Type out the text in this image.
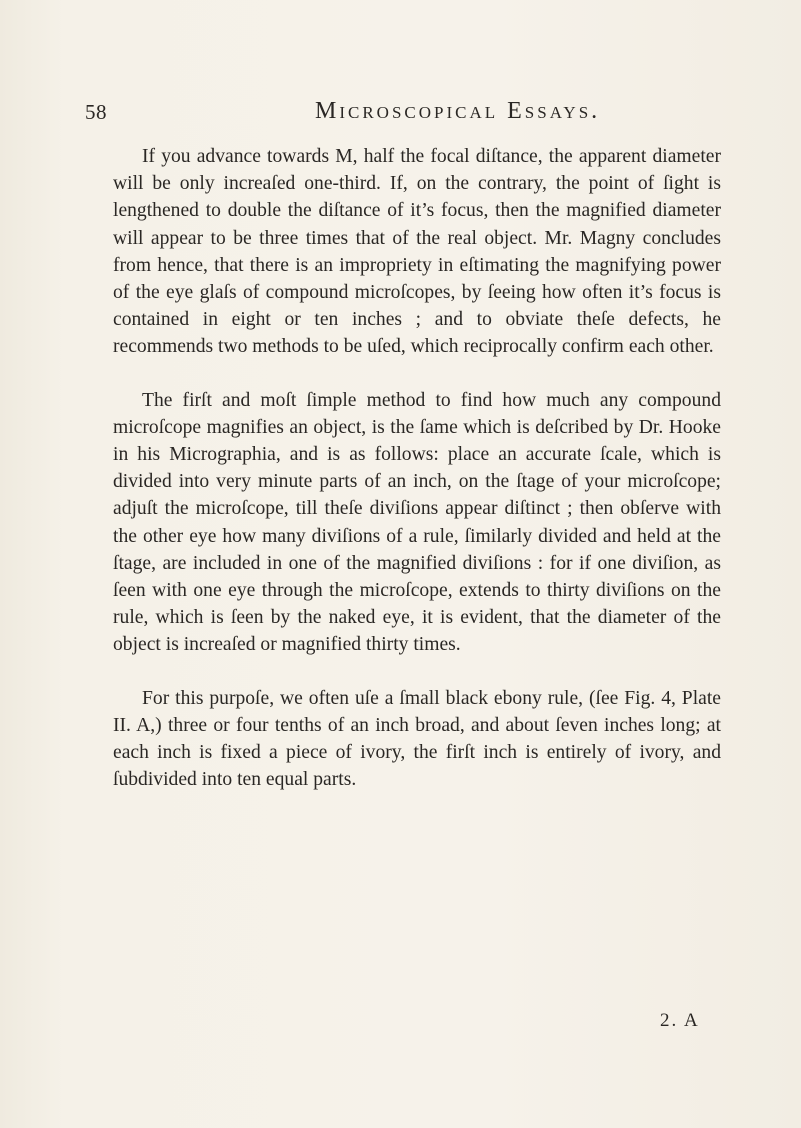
58	Microscopical Essays.

If you advance towards M, half the focal diſtance, the apparent diameter will be only increaſed one-third. If, on the contrary, the point of ſight is lengthened to double the diſtance of it’s focus, then the magnified diameter will appear to be three times that of the real object. Mr. Magny concludes from hence, that there is an impropriety in eſtimating the magnifying power of the eye glaſs of compound microſcopes, by ſeeing how often it’s focus is contained in eight or ten inches ; and to obviate theſe defects, he recommends two methods to be uſed, which reciprocally confirm each other.

The firſt and moſt ſimple method to find how much any compound microſcope magnifies an object, is the ſame which is deſcribed by Dr. Hooke in his Micrographia, and is as follows: place an accurate ſcale, which is divided into very minute parts of an inch, on the ſtage of your microſcope; adjuſt the microſcope, till theſe diviſions appear diſtinct ; then obſerve with the other eye how many diviſions of a rule, ſimilarly divided and held at the ſtage, are included in one of the magnified diviſions : for if one diviſion, as ſeen with one eye through the microſcope, extends to thirty diviſions on the rule, which is ſeen by the naked eye, it is evident, that the diameter of the object is increaſed or magnified thirty times.

For this purpoſe, we often uſe a ſmall black ebony rule, (ſee Fig. 4, Plate II. A,) three or four tenths of an inch broad, and about ſeven inches long; at each inch is fixed a piece of ivory, the firſt inch is entirely of ivory, and ſubdivided into ten equal parts.

2. A
